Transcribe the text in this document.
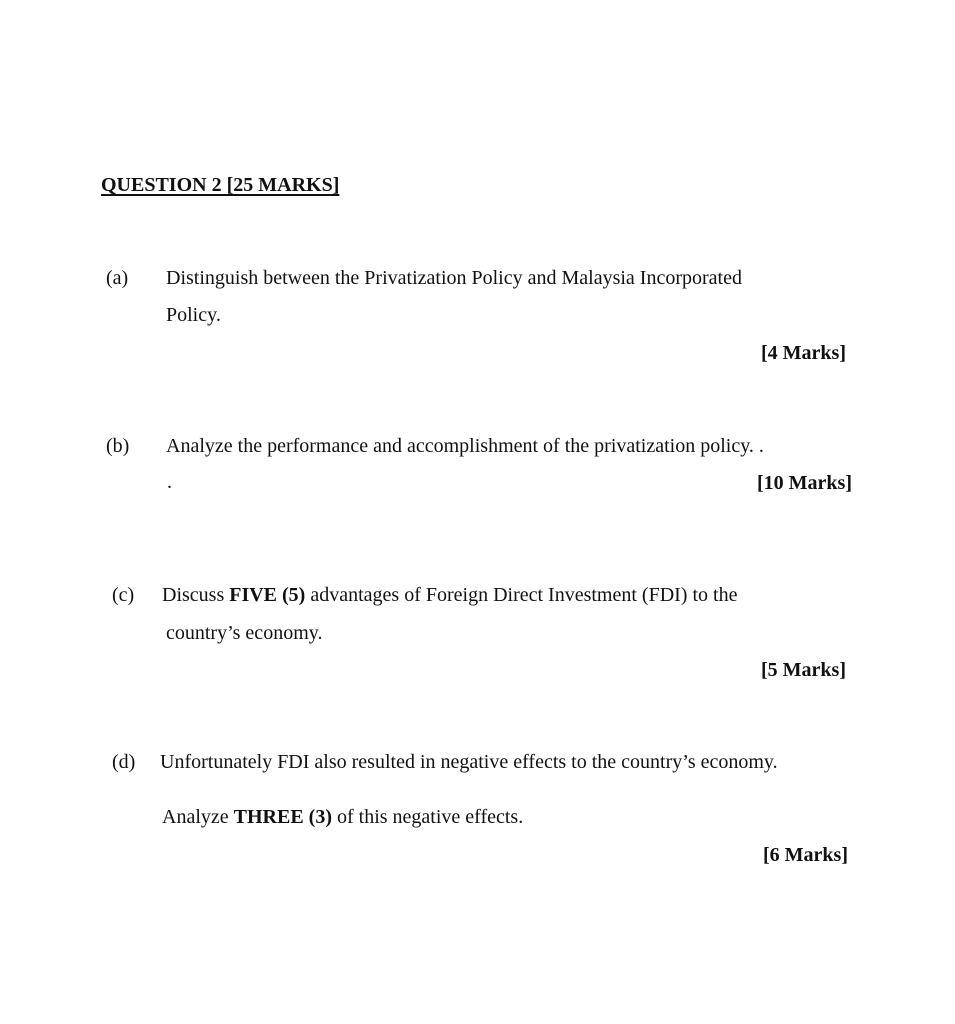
QUESTION 2 [25 MARKS]
(a) Distinguish between the Privatization Policy and Malaysia Incorporated
Policy.
[4 Marks]
(b) Analyze the performance and accomplishment of the privatization policy. .
.	[10 Marks]
(c) Discuss FIVE (5) advantages of Foreign Direct Investment (FDI) to the
country’s economy.
[5 Marks]
(d) Unfortunately FDI also resulted in negative effects to the country’s economy.
Analyze THREE (3) of this negative effects.
[6 Marks]
